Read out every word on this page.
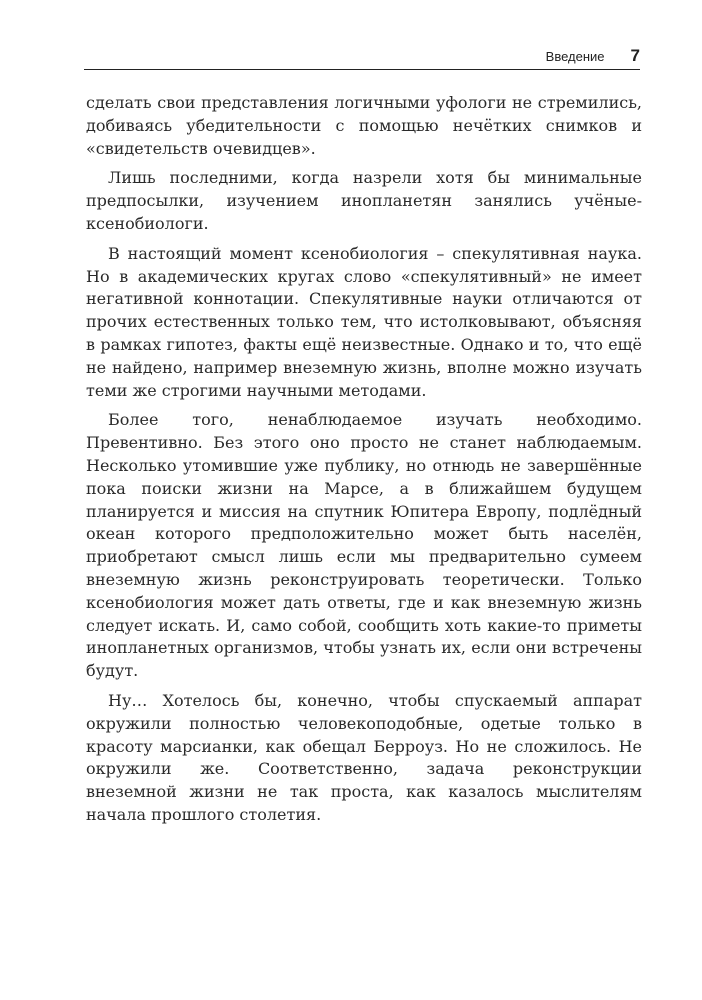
Введение 7

сделать свои представления логичными уфологи не стремились, добиваясь убедительности с помощью нечётких снимков и «свидетельств очевидцев».

Лишь последними, когда назрели хотя бы минимальные предпосылки, изучением инопланетян занялись учёные-ксенобиологи.

В настоящий момент ксенобиология – спекулятивная наука. Но в академических кругах слово «спекулятивный» не имеет негативной коннотации. Спекулятивные науки отличаются от прочих естественных только тем, что истолковывают, объясняя в рамках гипотез, факты ещё неизвестные. Однако и то, что ещё не найдено, например внеземную жизнь, вполне можно изучать теми же строгими научными методами.

Более того, ненаблюдаемое изучать необходимо. Превентивно. Без этого оно просто не станет наблюдаемым. Несколько утомившие уже публику, но отнюдь не завершённые пока поиски жизни на Марсе, а в ближайшем будущем планируется и миссия на спутник Юпитера Европу, подлёдный океан которого предположительно может быть населён, приобретают смысл лишь если мы предварительно сумеем внеземную жизнь реконструировать теоретически. Только ксенобиология может дать ответы, где и как внеземную жизнь следует искать. И, само собой, сообщить хоть какие-то приметы инопланетных организмов, чтобы узнать их, если они встречены будут.

Ну… Хотелось бы, конечно, чтобы спускаемый аппарат окружили полностью человекоподобные, одетые только в красоту марсианки, как обещал Берроуз. Но не сложилось. Не окружили же. Соответственно, задача реконструкции внеземной жизни не так проста, как казалось мыслителям начала прошлого столетия.
